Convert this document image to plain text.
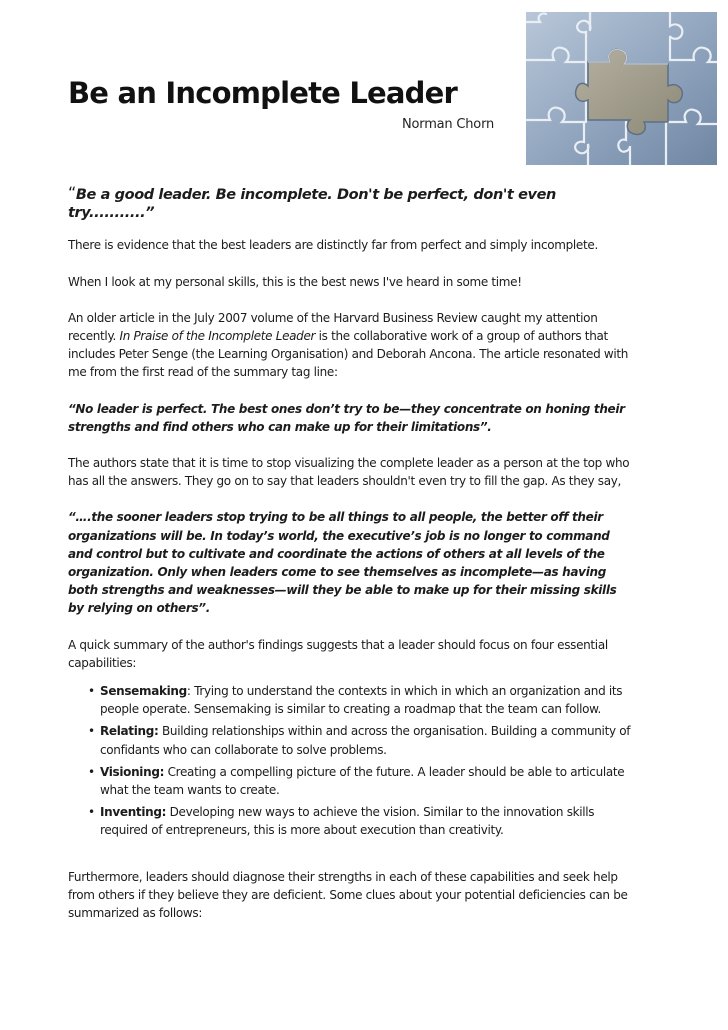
Be an Incomplete Leader
Norman Chorn

“Be a good leader. Be incomplete. Don't be perfect, don't even try...........”

There is evidence that the best leaders are distinctly far from perfect and simply incomplete.

When I look at my personal skills, this is the best news I've heard in some time!

An older article in the July 2007 volume of the Harvard Business Review caught my attention recently. In Praise of the Incomplete Leader is the collaborative work of a group of authors that includes Peter Senge (the Learning Organisation) and Deborah Ancona. The article resonated with me from the first read of the summary tag line:

“No leader is perfect. The best ones don’t try to be—they concentrate on honing their strengths and find others who can make up for their limitations”.

The authors state that it is time to stop visualizing the complete leader as a person at the top who has all the answers. They go on to say that leaders shouldn't even try to fill the gap. As they say,

“….the sooner leaders stop trying to be all things to all people, the better off their organizations will be. In today’s world, the executive’s job is no longer to command and control but to cultivate and coordinate the actions of others at all levels of the organization. Only when leaders come to see themselves as incomplete—as having both strengths and weaknesses—will they be able to make up for their missing skills by relying on others”.

A quick summary of the author's findings suggests that a leader should focus on four essential capabilities:

• Sensemaking: Trying to understand the contexts in which in which an organization and its people operate. Sensemaking is similar to creating a roadmap that the team can follow.
• Relating: Building relationships within and across the organisation. Building a community of confidants who can collaborate to solve problems.
• Visioning: Creating a compelling picture of the future. A leader should be able to articulate what the team wants to create.
• Inventing: Developing new ways to achieve the vision. Similar to the innovation skills required of entrepreneurs, this is more about execution than creativity.

Furthermore, leaders should diagnose their strengths in each of these capabilities and seek help from others if they believe they are deficient. Some clues about your potential deficiencies can be summarized as follows:
